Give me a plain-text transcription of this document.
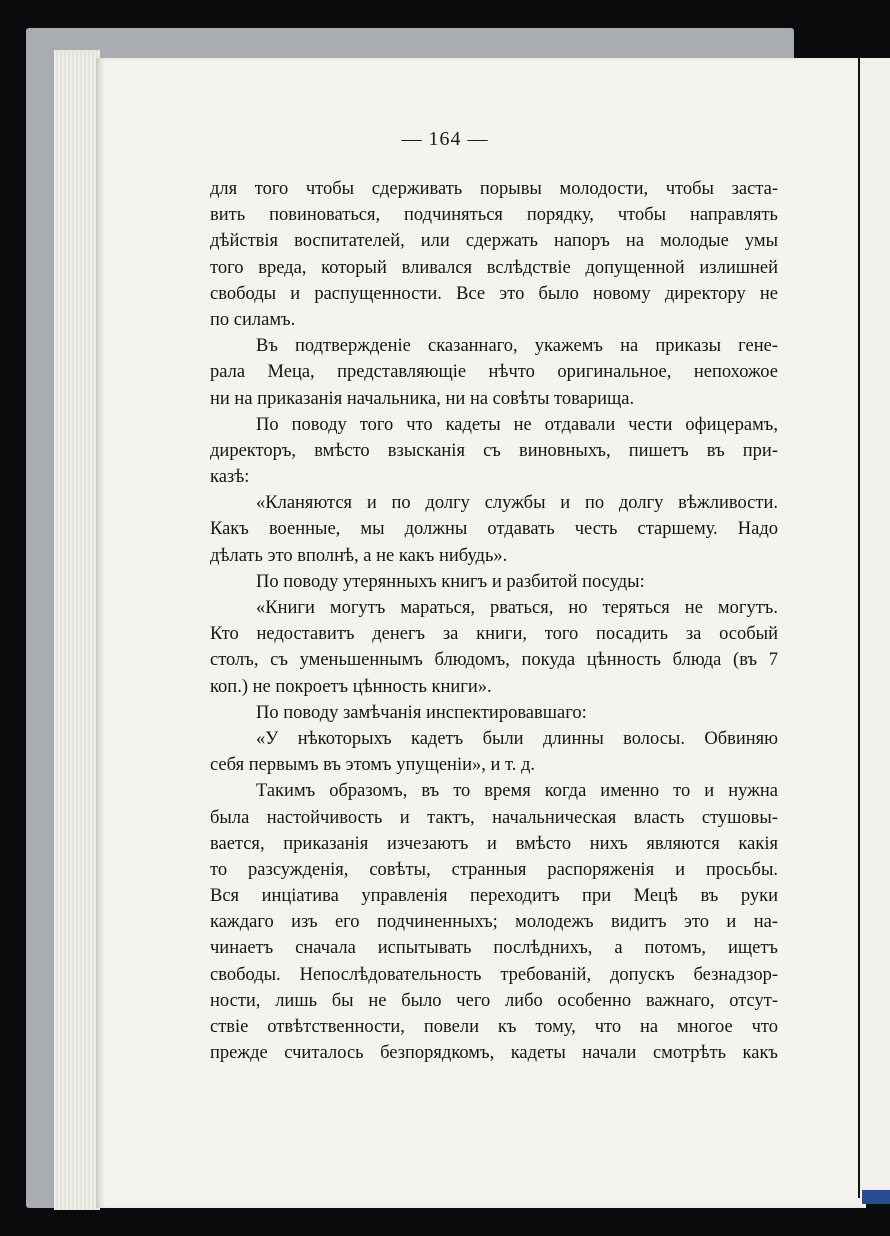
— 164 —
для того чтобы сдерживать порывы молодости, чтобы заста-
вить повиноваться, подчиняться порядку, чтобы направлять
дѣйствія воспитателей, или сдержать напоръ на молодые умы
того вреда, который вливался вслѣдствіе допущенной излишней
свободы и распущенности. Все это было новому директору не
по силамъ.
Въ подтвержденіе сказаннаго, укажемъ на приказы гене-
рала Меца, представляющіе нѣчто оригинальное, непохожое
ни на приказанія начальника, ни на совѣты товарища.
По поводу того что кадеты не отдавали чести офицерамъ,
директоръ, вмѣсто взысканія съ виновныхъ, пишетъ въ при-
казѣ:
«Кланяются и по долгу службы и по долгу вѣжливости.
Какъ военные, мы должны отдавать честь старшему. Надо
дѣлать это вполнѣ, а не какъ нибудь».
По поводу утерянныхъ книгъ и разбитой посуды:
«Книги могутъ мараться, рваться, но теряться не могутъ.
Кто недоставитъ денегъ за книги, того посадить за особый
столъ, съ уменьшеннымъ блюдомъ, покуда цѣнность блюда (въ 7
коп.) не покроетъ цѣнность книги».
По поводу замѣчанія инспектировавшаго:
«У нѣкоторыхъ кадетъ были длинны волосы. Обвиняю
себя первымъ въ этомъ упущеніи», и т. д.
Такимъ образомъ, въ то время когда именно то и нужна
была настойчивость и тактъ, начальническая власть стушовы-
вается, приказанія изчезаютъ и вмѣсто нихъ являются какія
то разсужденія, совѣты, странныя распоряженія и просьбы.
Вся инціатива управленія переходитъ при Мецѣ въ руки
каждаго изъ его подчиненныхъ; молодежъ видитъ это и на-
чинаетъ сначала испытывать послѣднихъ, а потомъ, ищетъ
свободы. Непослѣдовательность требованій, допускъ безнадзор-
ности, лишь бы не было чего либо особенно важнаго, отсут-
ствіе отвѣтственности, повели къ тому, что на многое что
прежде считалось безпорядкомъ, кадеты начали смотрѣть какъ
